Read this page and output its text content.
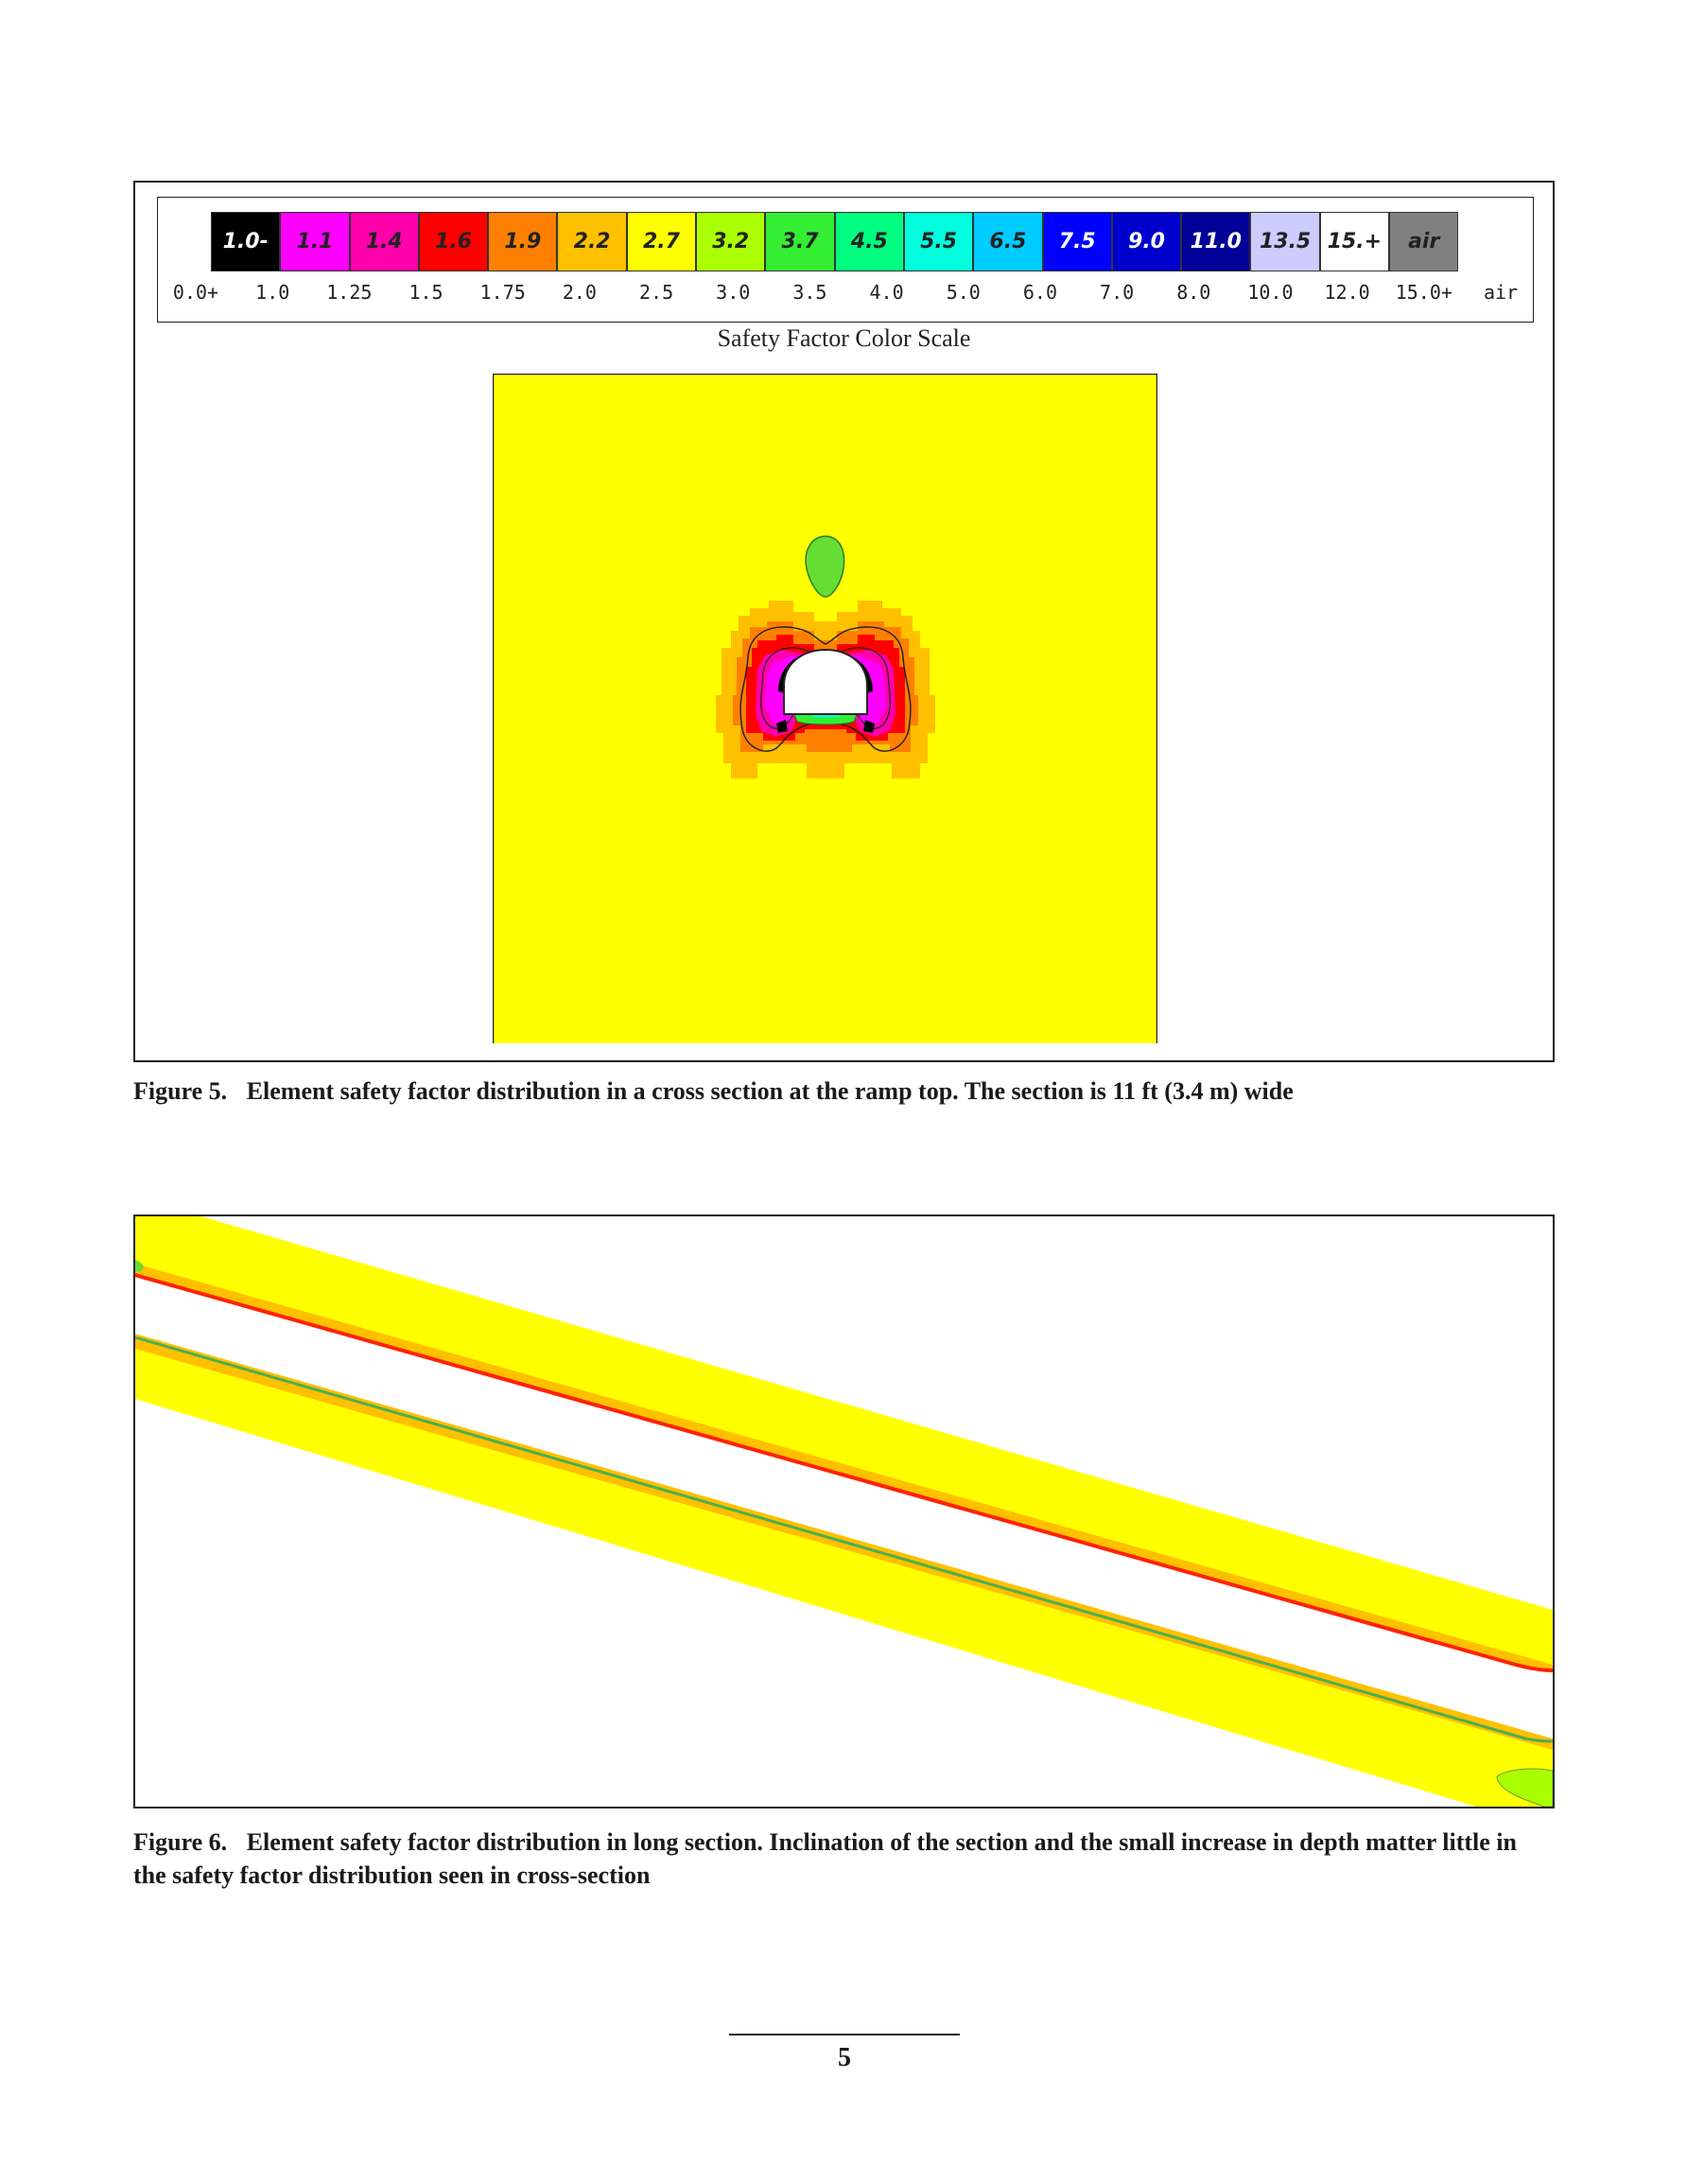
1.0-	1.1	1.4	1.6	1.9	2.2	2.7	3.2	3.7	4.5	5.5	6.5	7.5	9.0	11.0 13.5 15.+	air
0.0+ 1.0 1.25 1.5 1.75 2.0 2.5 3.0 3.5 4.0 5.0 6.0 7.0 8.0 10.0 12.0 15.0+ air
Safety Factor Color Scale
Figure 5. Element safety factor distribution in a cross section at the ramp top. The section is 11 ft (3.4 m) wide
Figure 6. Element safety factor distribution in long section. Inclination of the section and the small increase in depth matter little in the safety factor distribution seen in cross-section
5
